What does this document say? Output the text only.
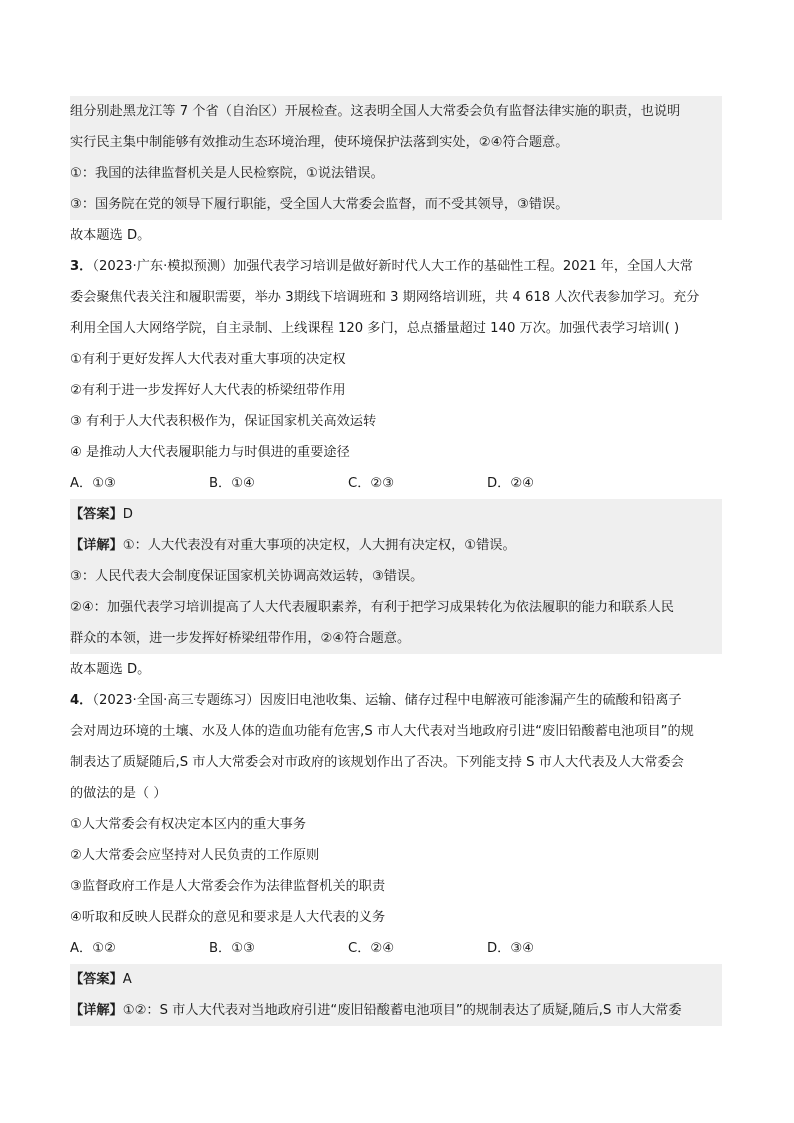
组分别赴黑龙江等 7 个省（自治区）开展检查。这表明全国人大常委会负有监督法律实施的职责，也说明
实行民主集中制能够有效推动生态环境治理，使环境保护法落到实处，②④符合题意。
①：我国的法律监督机关是人民检察院，①说法错误。
③：国务院在党的领导下履行职能，受全国人大常委会监督，而不受其领导，③错误。
故本题选 D。
3．（2023·广东·模拟预测）加强代表学习培训是做好新时代人大工作的基础性工程。2021 年，全国人大常
委会聚焦代表关注和履职需要，举办 3期线下培调班和 3 期网络培训班，共 4 618 人次代表参加学习。充分
利用全国人大网络学院，自主录制、上线课程 120 多门，总点播量超过 140 万次。加强代表学习培训( )
①有利于更好发挥人大代表对重大事项的决定权
②有利于进一步发挥好人大代表的桥梁纽带作用
③ 有利于人大代表积极作为，保证国家机关高效运转
④ 是推动人大代表履职能力与时俱进的重要途径
A．①③	B．①④	C．②③	D．②④
【答案】D
【详解】①：人大代表没有对重大事项的决定权，人大拥有决定权，①错误。
③：人民代表大会制度保证国家机关协调高效运转，③错误。
②④：加强代表学习培训提高了人大代表履职素养，有利于把学习成果转化为依法履职的能力和联系人民
群众的本领，进一步发挥好桥梁纽带作用，②④符合题意。
故本题选 D。
4．（2023·全国·高三专题练习）因废旧电池收集、运输、储存过程中电解液可能渗漏产生的硫酸和铅离子
会对周边环境的土壤、水及人体的造血功能有危害,S 市人大代表对当地政府引进“废旧铅酸蓄电池项目”的规
制表达了质疑随后,S 市人大常委会对市政府的该规划作出了否决。下列能支持 S 市人大代表及人大常委会
的做法的是（ ）
①人大常委会有权决定本区内的重大事务
②人大常委会应坚持对人民负责的工作原则
③监督政府工作是人大常委会作为法律监督机关的职责
④听取和反映人民群众的意见和要求是人大代表的义务
A．①②	B．①③	C．②④	D．③④
【答案】A
【详解】①②：S 市人大代表对当地政府引进“废旧铅酸蓄电池项目”的规制表达了质疑,随后,S 市人大常委
